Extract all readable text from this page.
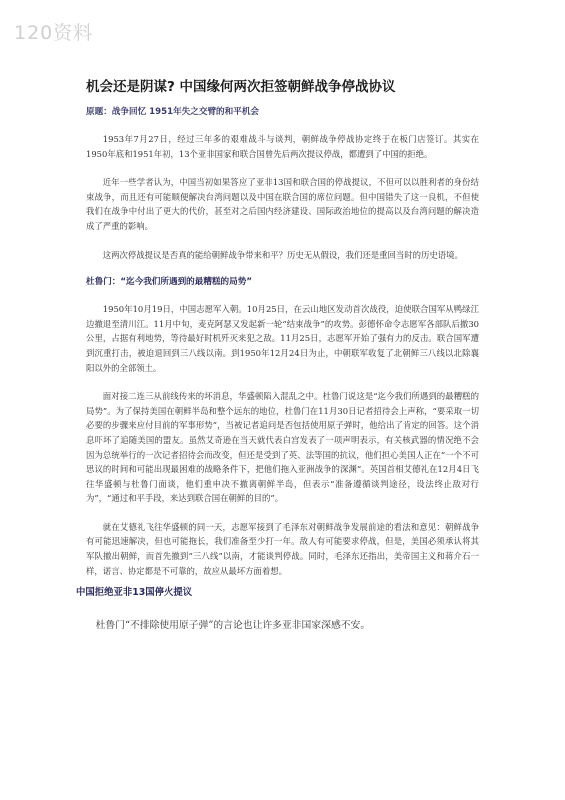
120资料
机会还是阴谋? 中国缘何两次拒签朝鲜战争停战协议
原题：战争回忆 1951年失之交臂的和平机会

1953年7月27日，经过三年多的艰难战斗与谈判，朝鲜战争停战协定终于在板门店签订。其实在1950年底和1951年初，13个亚非国家和联合国曾先后两次提议停战，都遭到了中国的拒绝。

近年一些学者认为，中国当初如果答应了亚非13国和联合国的停战提议，不但可以以胜利者的身份结束战争，而且还有可能顺便解决台湾问题以及中国在联合国的席位问题。但中国错失了这一良机，不但使我们在战争中付出了更大的代价，甚至对之后国内经济建设、国际政治地位的提高以及台湾问题的解决造成了严重的影响。

这两次停战提议是否真的能给朝鲜战争带来和平？历史无从假设，我们还是重回当时的历史语境。

杜鲁门：“迄今我们所遇到的最糟糕的局势”

1950年10月19日，中国志愿军入朝。10月25日，在云山地区发动首次战役，迫使联合国军从鸭绿江边撤退至清川江。11月中旬，麦克阿瑟又发起新一轮“结束战争”的攻势。彭德怀命令志愿军各部队后撤30公里，占据有利地势，等待最好时机歼灭来犯之敌。11月25日，志愿军开始了强有力的反击。联合国军遭到沉重打击，被迫退回到三八线以南。到1950年12月24日为止，中朝联军收复了北朝鲜三八线以北除襄阳以外的全部领土。

面对接二连三从前线传来的坏消息，华盛顿陷入混乱之中。杜鲁门说这是“迄今我们所遇到的最糟糕的局势”。为了保持美国在朝鲜半岛和整个远东的地位，杜鲁门在11月30日记者招待会上声称，“要采取一切必要的步骤来应付目前的军事形势”，当被记者追问是否包括使用原子弹时，他给出了肯定的回答。这个消息吓坏了追随美国的盟友。虽然艾奇逊在当天就代表白宫发表了一项声明表示，有关核武器的情况绝不会因为总统举行的一次记者招待会而改变，但还是受到了英、法等国的抗议，他们担心美国人正在“一个不可思议的时间和可能出现最困难的战略条件下，把他们拖入亚洲战争的深渊”。英国首相艾德礼在12月4日飞往华盛顿与杜鲁门面谈，他们重申决不撤离朝鲜半岛，但表示“准备遵循谈判途径，设法终止敌对行为”，“通过和平手段，来达到联合国在朝鲜的目的”。

就在艾德礼飞往华盛顿的同一天，志愿军接到了毛泽东对朝鲜战争发展前途的看法和意见：朝鲜战争有可能迅速解决，但也可能拖长，我们准备至少打一年。敌人有可能要求停战，但是，美国必须承认将其军队撤出朝鲜，而首先撤到“三八线”以南，才能谈判停战。同时，毛泽东还指出，美帝国主义和蒋介石一样，诺言、协定都是不可靠的，故应从最坏方面着想。

中国拒绝亚非13国停火提议

杜鲁门“不排除使用原子弹”的言论也让许多亚非国家深感不安。
